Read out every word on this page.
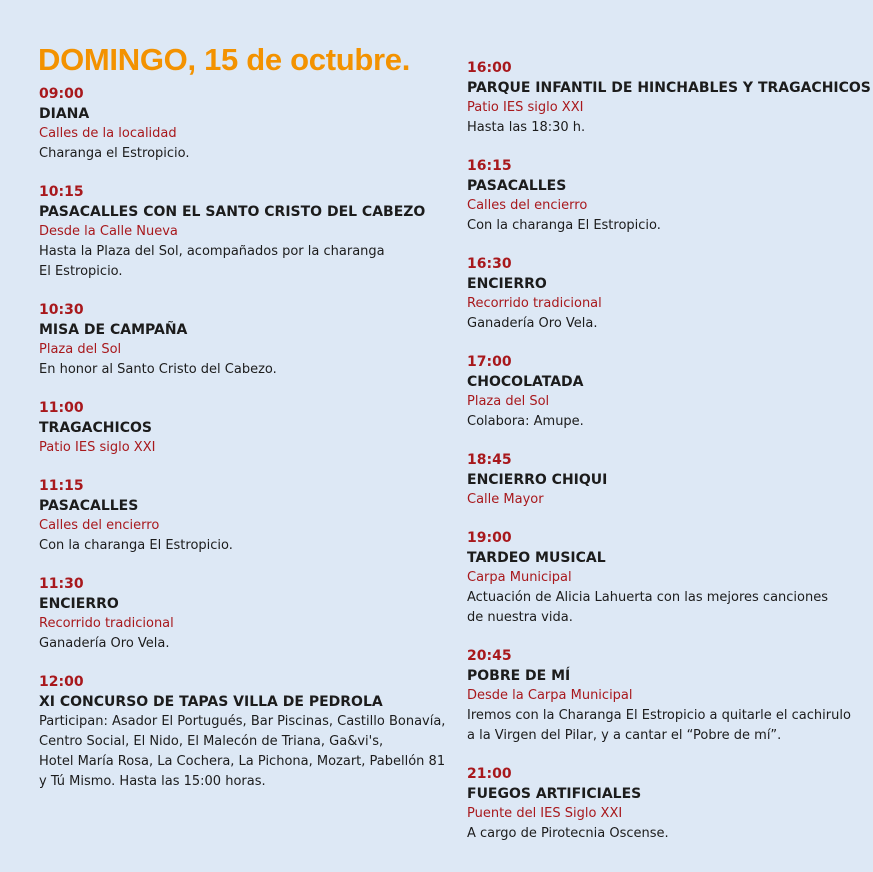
DOMINGO, 15 de octubre.
09:00
DIANA
Calles de la localidad
Charanga el Estropicio.
10:15
PASACALLES CON EL SANTO CRISTO DEL CABEZO
Desde la Calle Nueva
Hasta la Plaza del Sol, acompañados por la charanga
El Estropicio.
10:30
MISA DE CAMPAÑA
Plaza del Sol
En honor al Santo Cristo del Cabezo.
11:00
TRAGACHICOS
Patio IES siglo XXI
11:15
PASACALLES
Calles del encierro
Con la charanga El Estropicio.
11:30
ENCIERRO
Recorrido tradicional
Ganadería Oro Vela.
12:00
XI CONCURSO DE TAPAS VILLA DE PEDROLA
Participan: Asador El Portugués, Bar Piscinas, Castillo Bonavía,
Centro Social, El Nido, El Malecón de Triana, Ga&vi's,
Hotel María Rosa, La Cochera, La Pichona, Mozart, Pabellón 81
y Tú Mismo. Hasta las 15:00 horas.
16:00
PARQUE INFANTIL DE HINCHABLES Y TRAGACHICOS
Patio IES siglo XXI
Hasta las 18:30 h.
16:15
PASACALLES
Calles del encierro
Con la charanga El Estropicio.
16:30
ENCIERRO
Recorrido tradicional
Ganadería Oro Vela.
17:00
CHOCOLATADA
Plaza del Sol
Colabora: Amupe.
18:45
ENCIERRO CHIQUI
Calle Mayor
19:00
TARDEO MUSICAL
Carpa Municipal
Actuación de Alicia Lahuerta con las mejores canciones
de nuestra vida.
20:45
POBRE DE MÍ
Desde la Carpa Municipal
Iremos con la Charanga El Estropicio a quitarle el cachirulo
a la Virgen del Pilar, y a cantar el “Pobre de mí”.
21:00
FUEGOS ARTIFICIALES
Puente del IES Siglo XXI
A cargo de Pirotecnia Oscense.
